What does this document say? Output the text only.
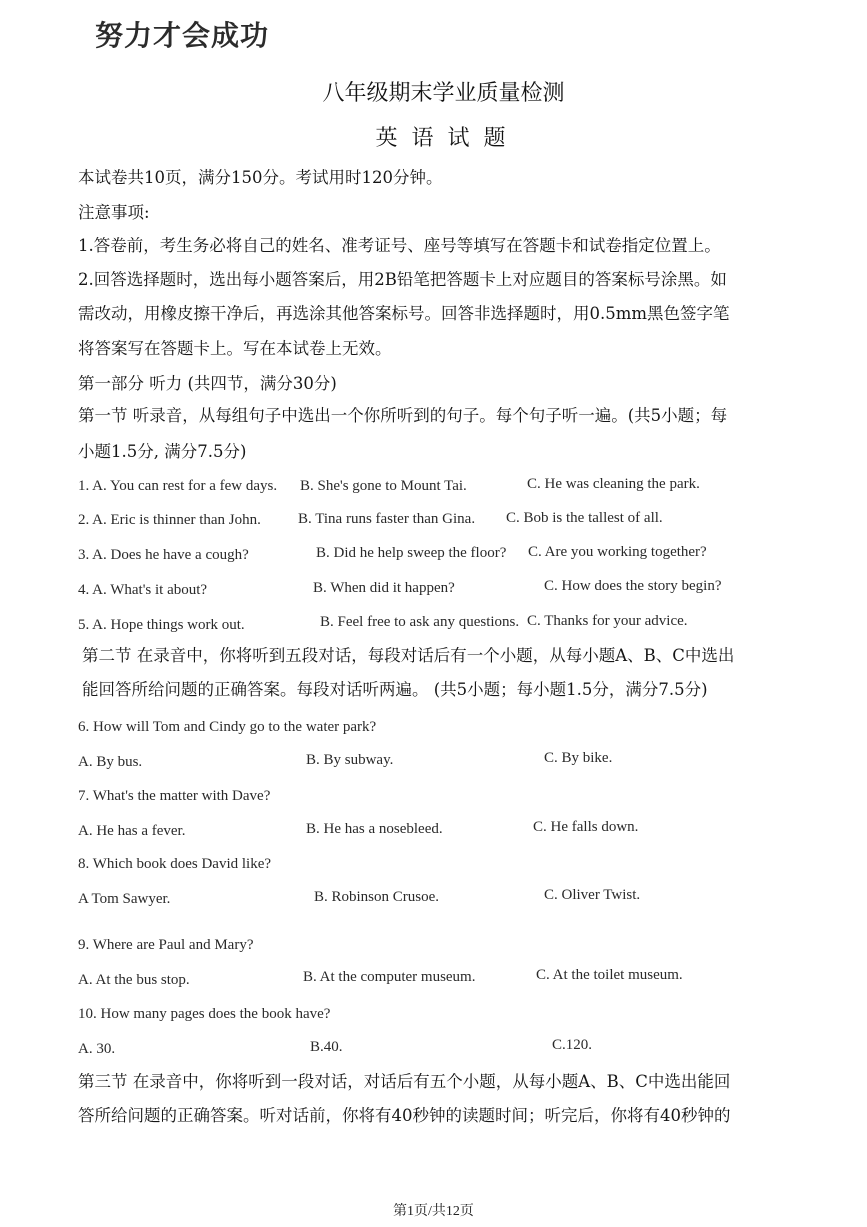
努力才会成功
八年级期末学业质量检测
英语试题
本试卷共10页，满分150分。考试用时120分钟。
注意事项:
1.答卷前，考生务必将自己的姓名、准考证号、座号等填写在答题卡和试卷指定位置上。
2.回答选择题时，选出每小题答案后，用2B铅笔把答题卡上对应题目的答案标号涂黑。如
需改动，用橡皮擦干净后，再选涂其他答案标号。回答非选择题时，用0.5mm黑色签字笔
将答案写在答题卡上。写在本试卷上无效。
第一部分 听力 (共四节，满分30分)
第一节 听录音，从每组句子中选出一个你所听到的句子。每个句子听一遍。(共5小题；每
小题1.5分, 满分7.5分)
1. A. You can rest for a few days. B. She's gone to Mount Tai.	C. He was cleaning the park.
2. A. Eric is thinner than John. B. Tina runs faster than Gina. C. Bob is the tallest of all.
3. A. Does he have a cough?	B. Did he help sweep the floor? C. Are you working together?
4. A. What's it about?	B. When did it happen?	C. How does the story begin?
5. A. Hope things work out.	B. Feel free to ask any questions. C. Thanks for your advice.
第二节 在录音中，你将听到五段对话，每段对话后有一个小题，从每小题A、B、C中选出
能回答所给问题的正确答案。每段对话听两遍。 (共5小题；每小题1.5分，满分7.5分)
6. How will Tom and Cindy go to the water park?
A. By bus.	B. By subway.	C. By bike.
7. What's the matter with Dave?
A. He has a fever.	B. He has a nosebleed.	C. He falls down.
8. Which book does David like?
A Tom Sawyer.	B. Robinson Crusoe.	C. Oliver Twist.
9. Where are Paul and Mary?
A. At the bus stop.	B. At the computer museum.	C. At the toilet museum.
10. How many pages does the book have?
A. 30.	B.40.	C.120.
第三节 在录音中，你将听到一段对话，对话后有五个小题，从每小题A、B、C中选出能回
答所给问题的正确答案。听对话前，你将有40秒钟的读题时间；听完后，你将有40秒钟的
第1页/共12页
